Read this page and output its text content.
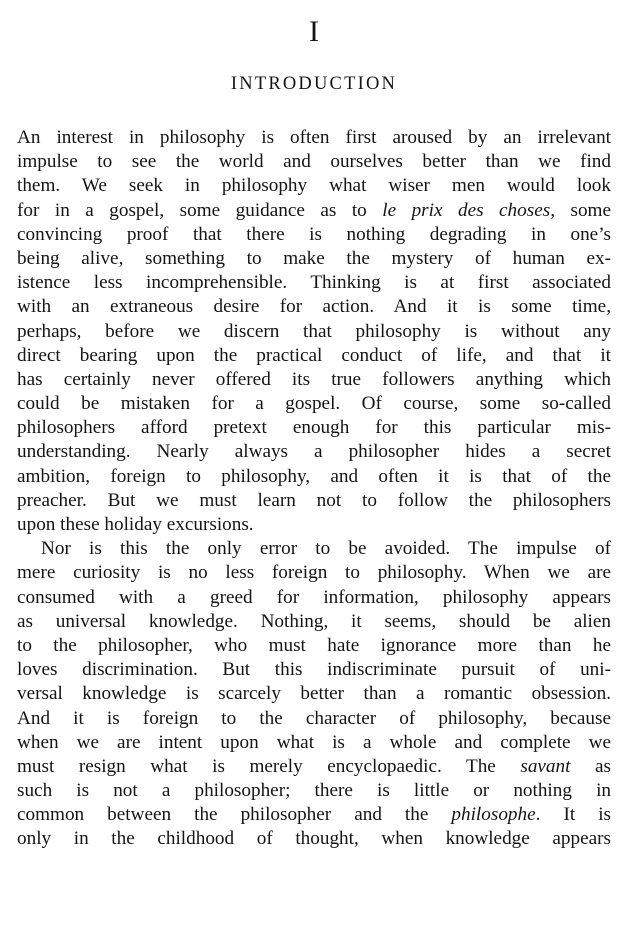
I
INTRODUCTION
An interest in philosophy is often first aroused by an irrelevant
impulse to see the world and ourselves better than we find
them. We seek in philosophy what wiser men would look
for in a gospel, some guidance as to le prix des choses, some
convincing proof that there is nothing degrading in one’s
being alive, something to make the mystery of human ex-
istence less incomprehensible. Thinking is at first associated
with an extraneous desire for action. And it is some time,
perhaps, before we discern that philosophy is without any
direct bearing upon the practical conduct of life, and that it
has certainly never offered its true followers anything which
could be mistaken for a gospel. Of course, some so-called
philosophers afford pretext enough for this particular mis-
understanding. Nearly always a philosopher hides a secret
ambition, foreign to philosophy, and often it is that of the
preacher. But we must learn not to follow the philosophers
upon these holiday excursions.
Nor is this the only error to be avoided. The impulse of
mere curiosity is no less foreign to philosophy. When we are
consumed with a greed for information, philosophy appears
as universal knowledge. Nothing, it seems, should be alien
to the philosopher, who must hate ignorance more than he
loves discrimination. But this indiscriminate pursuit of uni-
versal knowledge is scarcely better than a romantic obsession.
And it is foreign to the character of philosophy, because
when we are intent upon what is a whole and complete we
must resign what is merely encyclopaedic. The savant as
such is not a philosopher; there is little or nothing in
common between the philosopher and the philosophe. It is
only in the childhood of thought, when knowledge appears
